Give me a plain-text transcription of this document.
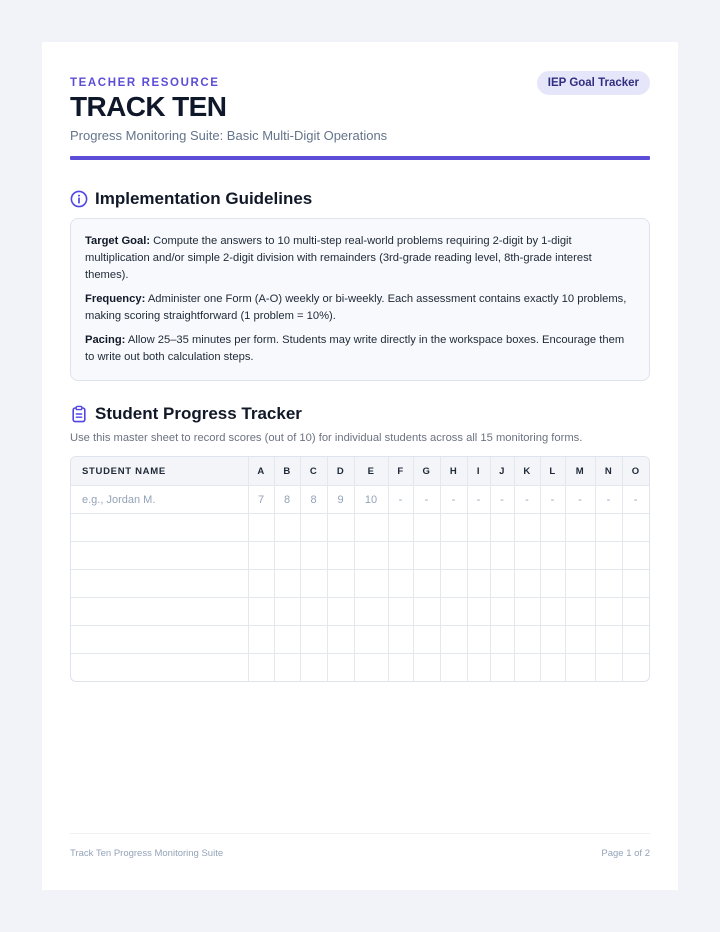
TEACHER RESOURCE	IEP Goal Tracker
TRACK TEN
Progress Monitoring Suite: Basic Multi-Digit Operations
Implementation Guidelines

Target Goal: Compute the answers to 10 multi-step real-world problems requiring 2-digit by 1-digit multiplication and/or simple 2-digit division with remainders (3rd-grade reading level, 8th-grade interest themes).

Frequency: Administer one Form (A-O) weekly or bi-weekly. Each assessment contains exactly 10 problems, making scoring straightforward (1 problem = 10%).

Pacing: Allow 25–35 minutes per form. Students may write directly in the workspace boxes. Encourage them to write out both calculation steps.

Student Progress Tracker
Use this master sheet to record scores (out of 10) for individual students across all 15 monitoring forms.
STUDENT NAME	A	B	C	D	E	F	G	H	I	J	K	L	M	N	O
e.g., Jordan M.	7	8	8	9	10	-	-	-	-	-	-	-	-	-	-

Track Ten Progress Monitoring Suite	Page 1 of 2
